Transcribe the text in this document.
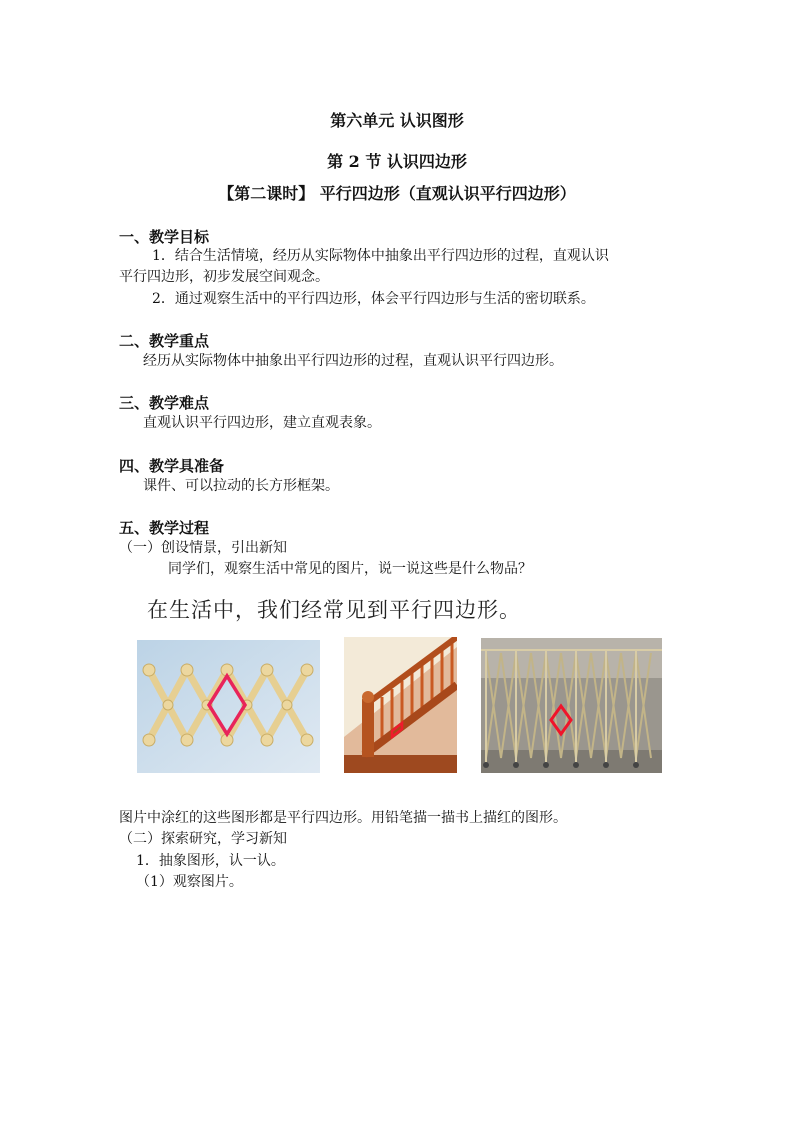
第六单元 认识图形
第 2 节 认识四边形
【第二课时】 平行四边形（直观认识平行四边形）
一、教学目标
1．结合生活情境，经历从实际物体中抽象出平行四边形的过程，直观认识
平行四边形，初步发展空间观念。
2．通过观察生活中的平行四边形，体会平行四边形与生活的密切联系。
二、教学重点
经历从实际物体中抽象出平行四边形的过程，直观认识平行四边形。
三、教学难点
直观认识平行四边形，建立直观表象。
四、教学具准备
课件、可以拉动的长方形框架。
五、教学过程
（一）创设情景，引出新知
同学们，观察生活中常见的图片，说一说这些是什么物品？
在生活中，我们经常见到平行四边形。
图片中涂红的这些图形都是平行四边形。用铅笔描一描书上描红的图形。
（二）探索研究，学习新知
1．抽象图形，认一认。
（1）观察图片。
